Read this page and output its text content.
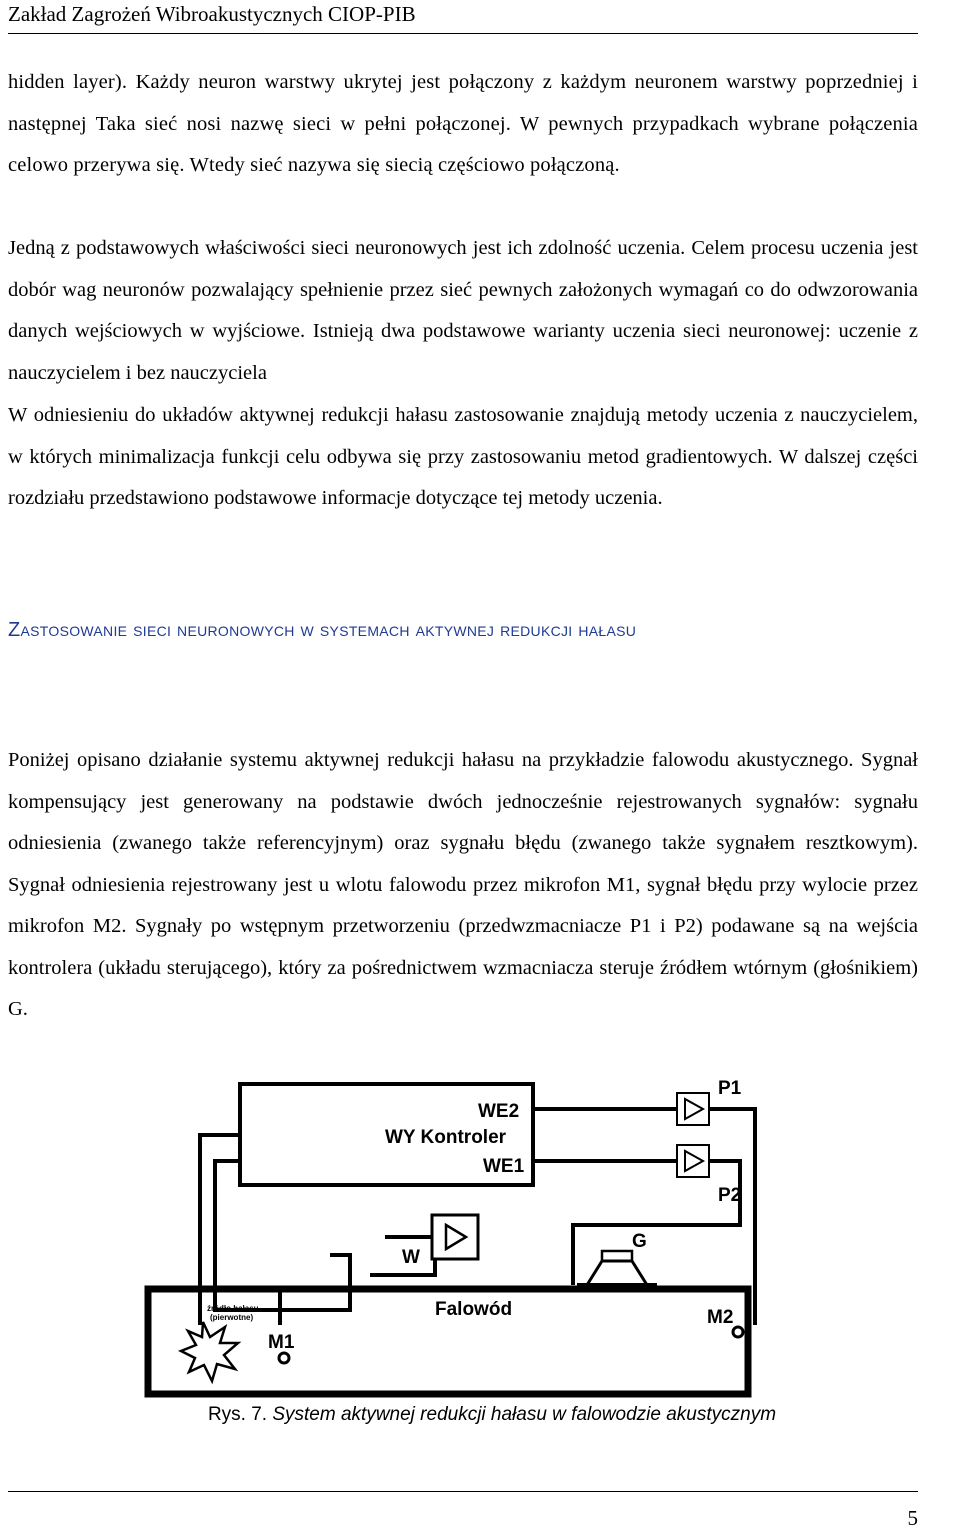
Zakład Zagrożeń Wibroakustycznych CIOP-PIB

hidden layer). Każdy neuron warstwy ukrytej jest połączony z każdym neuronem warstwy poprzedniej i następnej Taka sieć nosi nazwę sieci w pełni połączonej. W pewnych przypadkach wybrane połączenia celowo przerywa się. Wtedy sieć nazywa się siecią częściowo połączoną.

Jedną z podstawowych właściwości sieci neuronowych jest ich zdolność uczenia. Celem procesu uczenia jest dobór wag neuronów pozwalający spełnienie przez sieć pewnych założonych wymagań co do odwzorowania danych wejściowych w wyjściowe. Istnieją dwa podstawowe warianty uczenia sieci neuronowej: uczenie z nauczycielem i bez nauczyciela

W odniesieniu do układów aktywnej redukcji hałasu zastosowanie znajdują metody uczenia z nauczycielem, w których minimalizacja funkcji celu odbywa się przy zastosowaniu metod gradientowych. W dalszej części rozdziału przedstawiono podstawowe informacje dotyczące tej metody uczenia.

Zastosowanie sieci neuronowych w systemach aktywnej redukcji hałasu

Poniżej opisano działanie systemu aktywnej redukcji hałasu na przykładzie falowodu akustycznego. Sygnał kompensujący jest generowany na podstawie dwóch jednocześnie rejestrowanych sygnałów: sygnału odniesienia (zwanego także referencyjnym) oraz sygnału błędu (zwanego także sygnałem resztkowym). Sygnał odniesienia rejestrowany jest u wlotu falowodu przez mikrofon M1, sygnał błędu przy wylocie przez mikrofon M2. Sygnały po wstępnym przetworzeniu (przedwzmacniacze P1 i P2) podawane są na wejścia kontrolera (układu sterującego), który za pośrednictwem wzmacniacza steruje źródłem wtórnym (głośnikiem) G.

WE2
WY Kontroler
WE1
P1
P2
W
G
Falowód
źródło hałasu
(pierwotne)
M1
M2
Rys. 7. System aktywnej redukcji hałasu w falowodzie akustycznym
5
